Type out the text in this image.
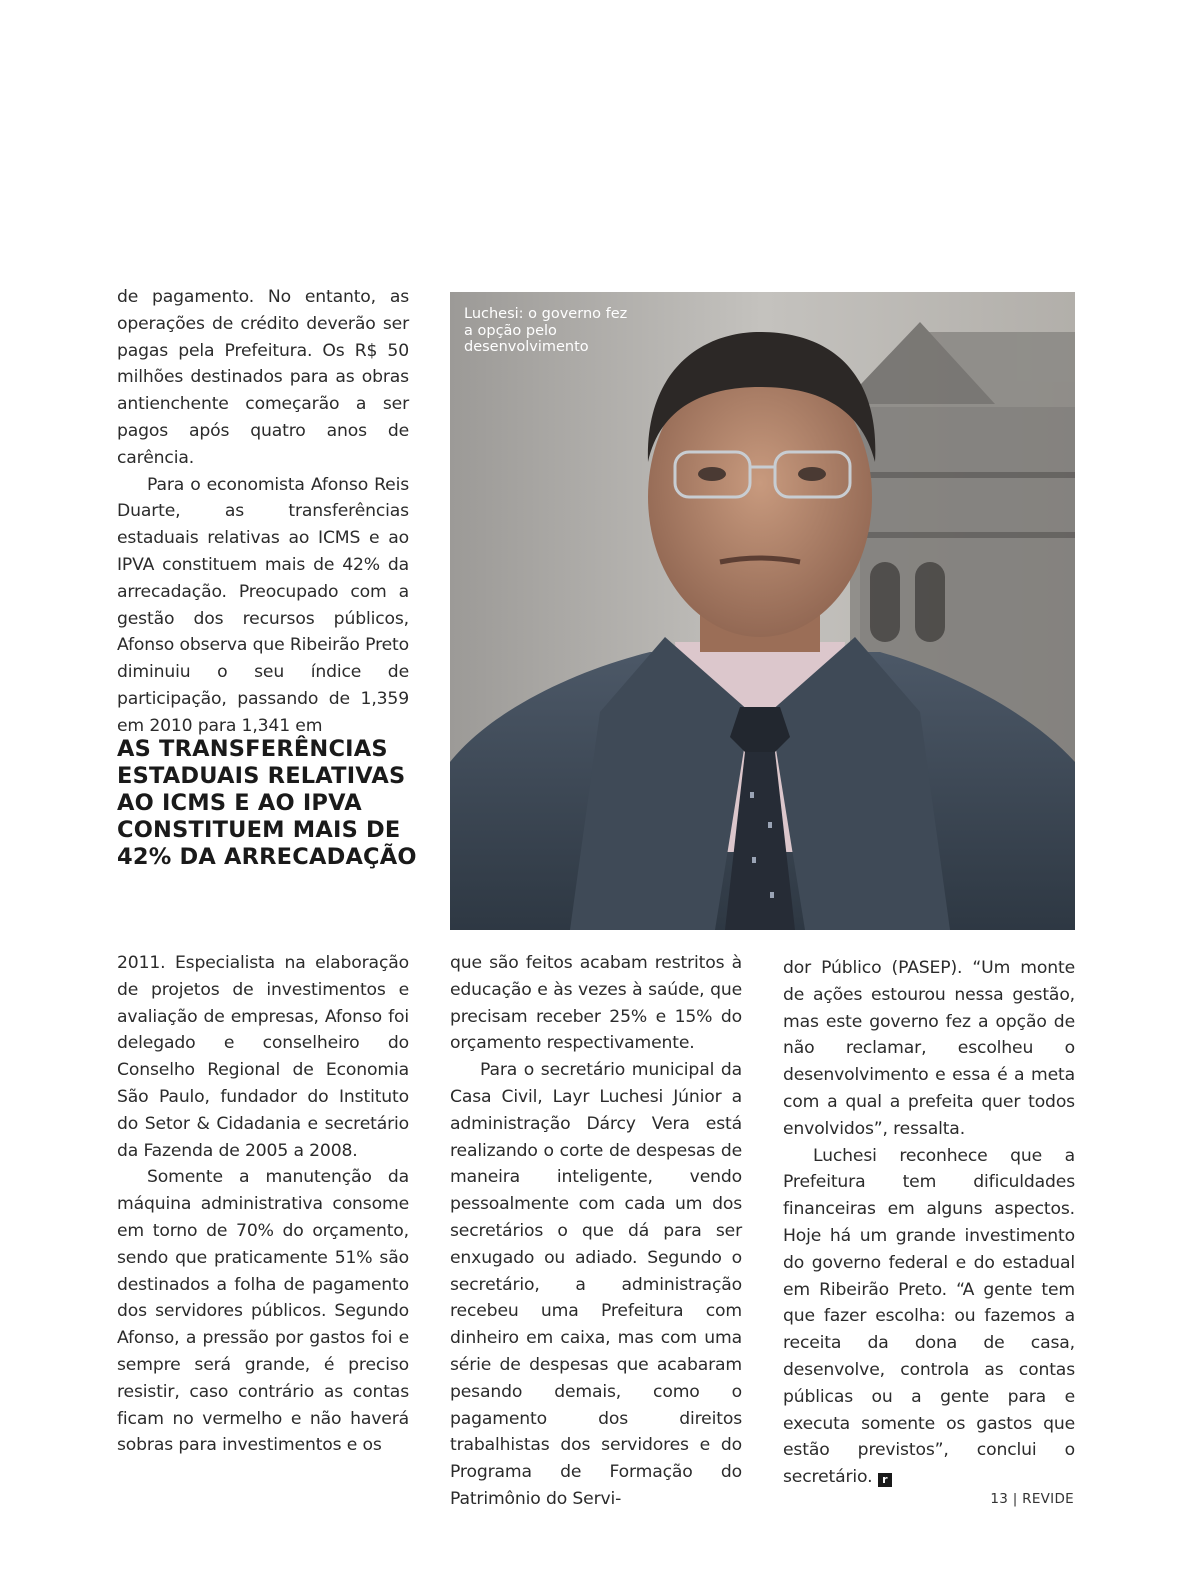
de pagamento. No entanto, as operações de crédito deverão ser pagas pela Prefeitura. Os R$ 50 milhões destinados para as obras antienchente começarão a ser pagos após quatro anos de carência.

Para o economista Afonso Reis Duarte, as transferências estaduais relativas ao ICMS e ao IPVA constituem mais de 42% da arrecadação. Preocupado com a gestão dos recursos públicos, Afonso observa que Ribeirão Preto diminuiu o seu índice de participação, passando de 1,359 em 2010 para 1,341 em

AS TRANSFERÊNCIAS ESTADUAIS RELATIVAS AO ICMS E AO IPVA CONSTITUEM MAIS DE 42% DA ARRECADAÇÃO

Luchesi: o governo fez a opção pelo desenvolvimento

2011. Especialista na elaboração de projetos de investimentos e avaliação de empresas, Afonso foi delegado e conselheiro do Conselho Regional de Economia São Paulo, fundador do Instituto do Setor & Cidadania e secretário da Fazenda de 2005 a 2008.

Somente a manutenção da máquina administrativa consome em torno de 70% do orçamento, sendo que praticamente 51% são destinados a folha de pagamento dos servidores públicos. Segundo Afonso, a pressão por gastos foi e sempre será grande, é preciso resistir, caso contrário as contas ficam no vermelho e não haverá sobras para investimentos e os

que são feitos acabam restritos à educação e às vezes à saúde, que precisam receber 25% e 15% do orçamento respectivamente.

Para o secretário municipal da Casa Civil, Layr Luchesi Júnior a administração Dárcy Vera está realizando o corte de despesas de maneira inteligente, vendo pessoalmente com cada um dos secretários o que dá para ser enxugado ou adiado. Segundo o secretário, a administração recebeu uma Prefeitura com dinheiro em caixa, mas com uma série de despesas que acabaram pesando demais, como o pagamento dos direitos trabalhistas dos servidores e do Programa de Formação do Patrimônio do Servi-

dor Público (PASEP). “Um monte de ações estourou nessa gestão, mas este governo fez a opção de não reclamar, escolheu o desenvolvimento e essa é a meta com a qual a prefeita quer todos envolvidos”, ressalta.

Luchesi reconhece que a Prefeitura tem dificuldades financeiras em alguns aspectos. Hoje há um grande investimento do governo federal e do estadual em Ribeirão Preto. “A gente tem que fazer escolha: ou fazemos a receita da dona de casa, desenvolve, controla as contas públicas ou a gente para e executa somente os gastos que estão previstos”, conclui o secretário. r

13 | REVIDE
